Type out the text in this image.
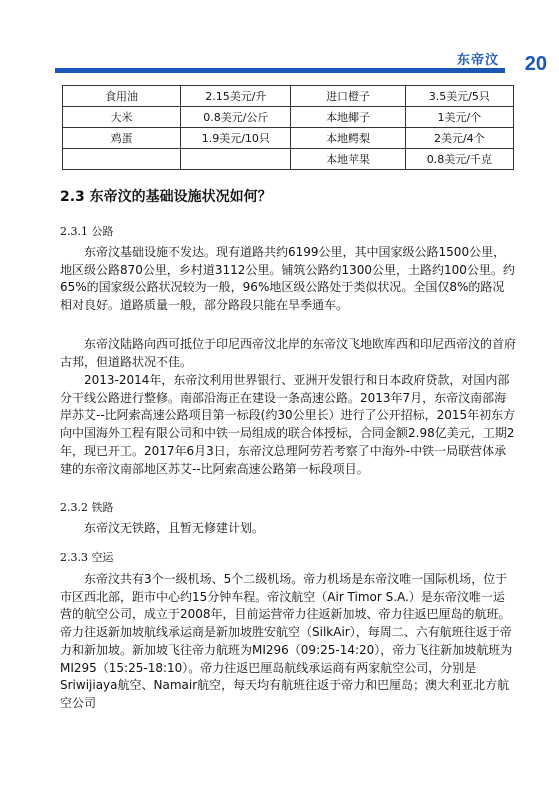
东帝汶 20
食用油	2.15美元/升	进口橙子	3.5美元/5只
大米	0.8美元/公斤	本地椰子	1美元/个
鸡蛋	1.9美元/10只	本地鳄梨	2美元/4个
		本地苹果	0.8美元/千克
2.3 东帝汶的基础设施状况如何？
2.3.1 公路

东帝汶基础设施不发达。现有道路共约6199公里，其中国家级公路1500公里，地区级公路870公里，乡村道3112公里。铺筑公路约1300公里，土路约100公里。约65%的国家级公路状况较为一般，96%地区级公路处于类似状况。全国仅8%的路况相对良好。道路质量一般，部分路段只能在旱季通车。

东帝汶陆路向西可抵位于印尼西帝汶北岸的东帝汶飞地欧库西和印尼西帝汶的首府古邦，但道路状况不佳。

2013-2014年，东帝汶利用世界银行、亚洲开发银行和日本政府贷款，对国内部分干线公路进行整修。南部沿海正在建设一条高速公路。2013年7月，东帝汶南部海岸苏艾--比阿索高速公路项目第一标段(约30公里长）进行了公开招标，2015年初东方向中国海外工程有限公司和中铁一局组成的联合体授标，合同金额2.98亿美元，工期2年，现已开工。2017年6月3日，东帝汶总理阿劳若考察了中海外-中铁一局联营体承建的东帝汶南部地区苏艾--比阿索高速公路第一标段项目。

2.3.2 铁路

东帝汶无铁路，且暂无修建计划。

2.3.3 空运

东帝汶共有3个一级机场、5个二级机场。帝力机场是东帝汶唯一国际机场，位于市区西北部，距市中心约15分钟车程。帝汶航空（Air Timor S.A.）是东帝汶唯一运营的航空公司，成立于2008年，目前运营帝力往返新加坡、帝力往返巴厘岛的航班。帝力往返新加坡航线承运商是新加坡胜安航空（SilkAir），每周二、六有航班往返于帝力和新加坡。新加坡飞往帝力航班为MI296（09:25-14:20），帝力飞往新加坡航班为MI295（15:25-18:10）。帝力往返巴厘岛航线承运商有两家航空公司，分别是Sriwijiaya航空、Namair航空，每天均有航班往返于帝力和巴厘岛；澳大利亚北方航空公司
